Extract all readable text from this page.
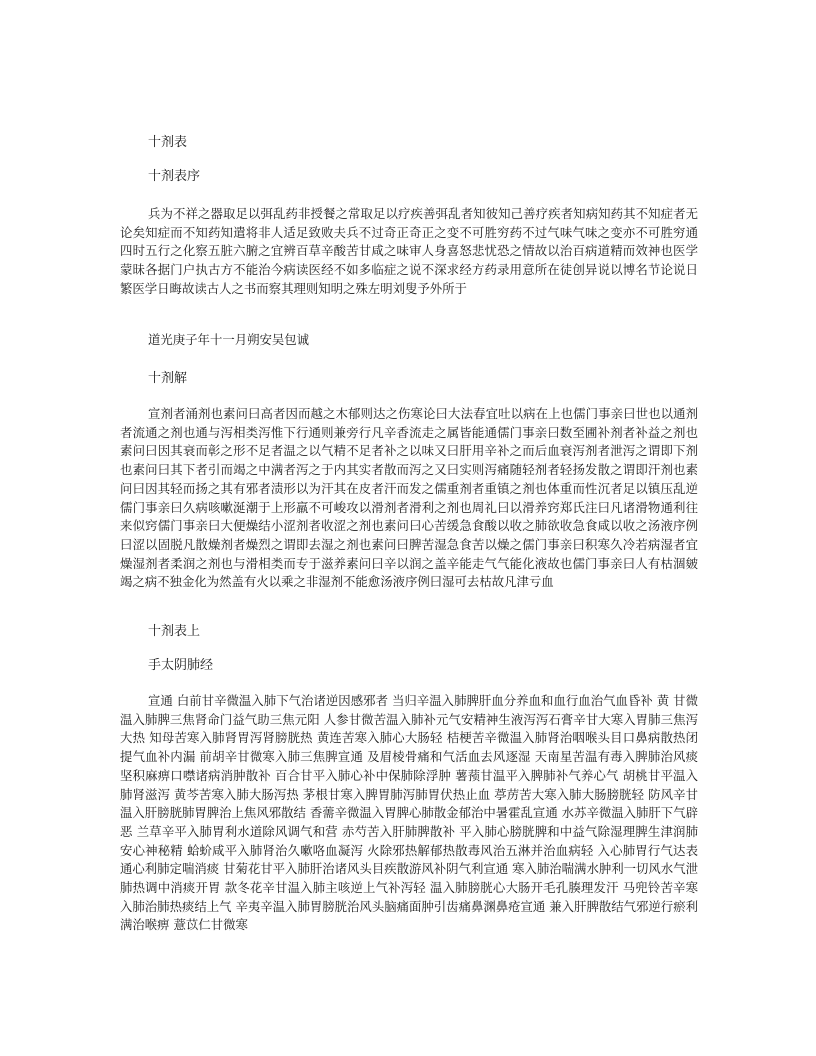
十剂表

十剂表序

兵为不祥之器取足以弭乱药非授餐之常取足以疗疾善弭乱者知彼知己善疗疾者知病知药其不知症者无论矣知症而不知药知遣将非人适足致败夫兵不过奇正奇正之变不可胜穷药不过气味气味之变亦不可胜穷通四时五行之化察五脏六腑之宜辨百草辛酸苦甘咸之味审人身喜怒悲忧恐之情故以治百病道精而效神也医学蒙昧各据门户执古方不能治今病读医经不如多临症之说不深求经方药录用意所在徒创异说以博名节论说日繁医学日晦故读古人之书而察其理则知明之殊左明刘叟予外所于

道光庚子年十一月朔安吴包诚

十剂解

宣剂者涌剂也素问曰高者因而越之木郁则达之伤寒论曰大法春宜吐以病在上也儒门事亲曰世也以通剂者流通之剂也通与泻相类泻惟下行通则兼旁行凡辛香流走之属皆能通儒门事亲曰数至圃补剂者补益之剂也素问曰因其衰而彰之形不足者温之以气精不足者补之以味又曰肝用辛补之而后血衰泻剂者泄泻之谓即下剂也素问曰其下者引而竭之中满者泻之于内其实者散而泻之又曰实则泻痛随轻剂者轻扬发散之谓即汗剂也素问曰因其轻而扬之其有邪者渍形以为汗其在皮者汗而发之儒重剂者重镇之剂也体重而性沉者足以镇压乱逆儒门事亲曰久病咳嗽涎潮于上形羸不可峻攻以滑剂者滑利之剂也周礼曰以滑养窍郑氏注曰凡诸滑物通利往来似窍儒门事亲曰大便燥结小涩剂者收涩之剂也素问曰心苦缓急食酸以收之肺欲收急食咸以收之汤液序例曰涩以固脱凡散燥剂者燥烈之谓即去湿之剂也素问曰脾苦湿急食苦以燥之儒门事亲曰积寒久冷若病湿者宜燥湿剂者柔润之剂也与滑相类而专于滋养素问曰辛以润之盖辛能走气气能化液故也儒门事亲曰人有枯涸皴竭之病不独金化为然盖有火以乘之非湿剂不能愈汤液序例曰湿可去枯故凡津亏血

十剂表上

手太阴肺经

宣通 白前甘辛微温入肺下气治诸逆因感邪者 当归辛温入肺脾肝血分养血和血行血治气血昏补 黄 甘微温入肺脾三焦肾命门益气助三焦元阳 人参甘微苦温入肺补元气安精神生液泻泻石膏辛甘大寒入胃肺三焦泻大热 知母苦寒入肺肾胃泻肾膀胱热 黄连苦寒入肺心大肠轻 桔梗苦辛微温入肺肾治咽喉头目口鼻病散热闭提气血补内漏 前胡辛甘微寒入肺三焦脾宣通 及眉棱骨痛和气活血去风逐湿 天南星苦温有毒入脾肺治风痰坚积麻痹口噤诸病消肿散补 百合甘平入肺心补中保肺除浮肿 薯蓣甘温平入脾肺补气养心气 胡桃甘平温入肺肾滋泻 黄芩苦寒入肺大肠泻热 茅根甘寒入脾胃肺泻肺胃伏热止血 葶苈苦大寒入肺大肠膀胱轻 防风辛甘温入肝膀胱肺胃脾治上焦风邪散结 香薷辛微温入胃脾心肺散金郁治中暑霍乱宣通 水苏辛微温入肺肝下气辟恶 兰草辛平入肺胃利水道除风调气和营 赤芍苦入肝肺脾散补 平入肺心膀胱脾和中益气除湿理脾生津润肺安心神秘精 蛤蚧咸平入肺肾治久嗽咯血凝泻 火除邪热解郁热散毒风治五淋并治血病轻 入心肺胃行气达表通心利肺定喘消痰 甘菊花甘平入肺肝治诸风头目疾散游风补阴气利宣通 寒入肺治喘满水肿利一切风水气泄肺热调中消痰开胃 款冬花辛甘温入肺主咳逆上气补泻轻 温入肺膀胱心大肠开毛孔腠理发汗 马兜铃苦辛寒入肺治肺热痰结上气 辛夷辛温入肺胃膀胱治风头脑痛面肿引齿痛鼻渊鼻疮宣通 兼入肝脾散结气邪逆行瘀利满治喉痹 薏苡仁甘微寒
